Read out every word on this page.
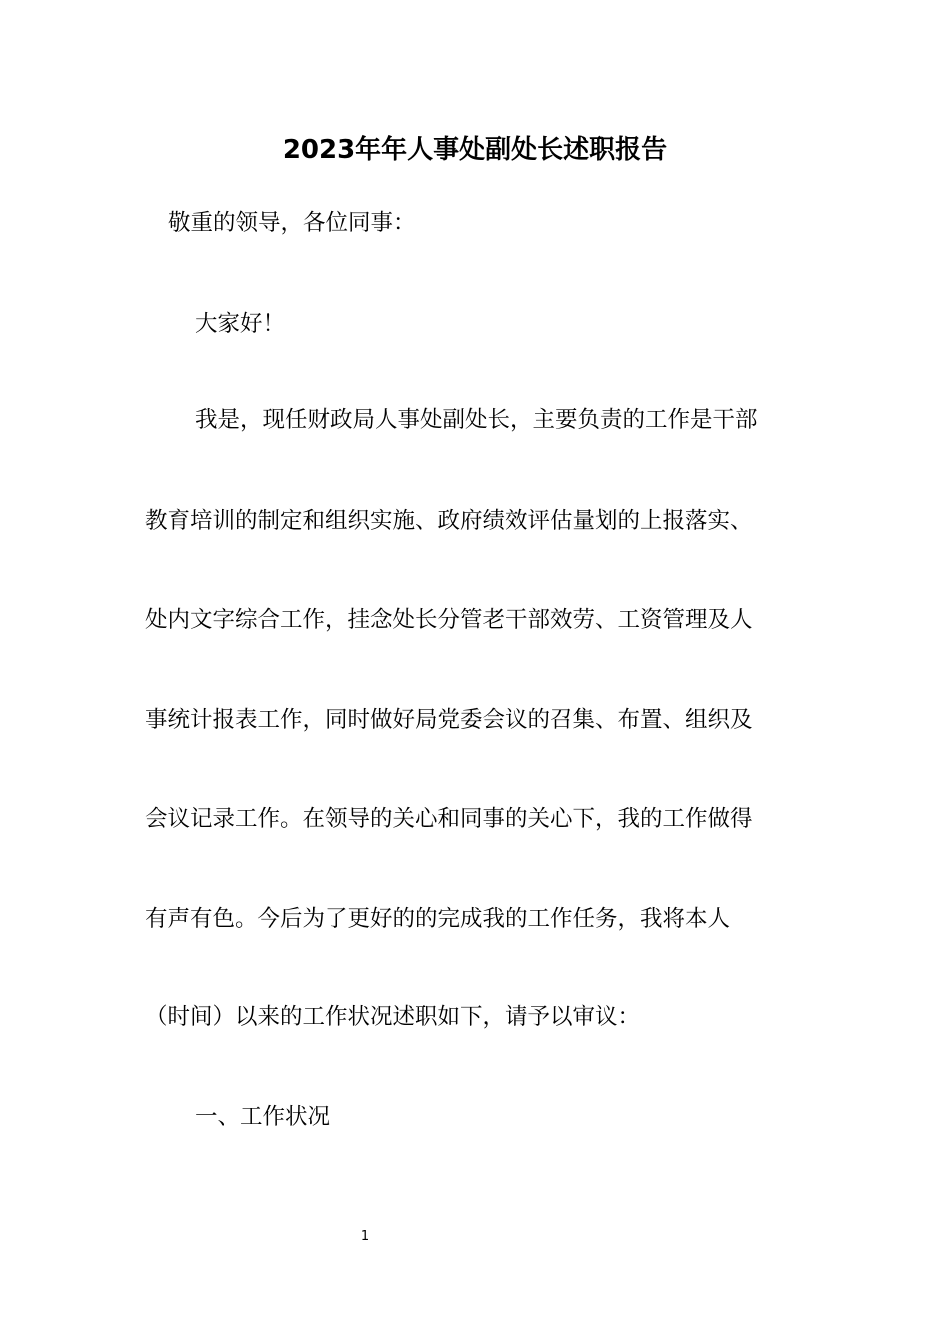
2023年年人事处副处长述职报告

敬重的领导，各位同事：

大家好！

我是，现任财政局人事处副处长，主要负责的工作是干部

教育培训的制定和组织实施、政府绩效评估量划的上报落实、

处内文字综合工作，挂念处长分管老干部效劳、工资管理及人

事统计报表工作，同时做好局党委会议的召集、布置、组织及

会议记录工作。在领导的关心和同事的关心下，我的工作做得

有声有色。今后为了更好的的完成我的工作任务，我将本人

（时间）以来的工作状况述职如下，请予以审议：

一、工作状况

1
